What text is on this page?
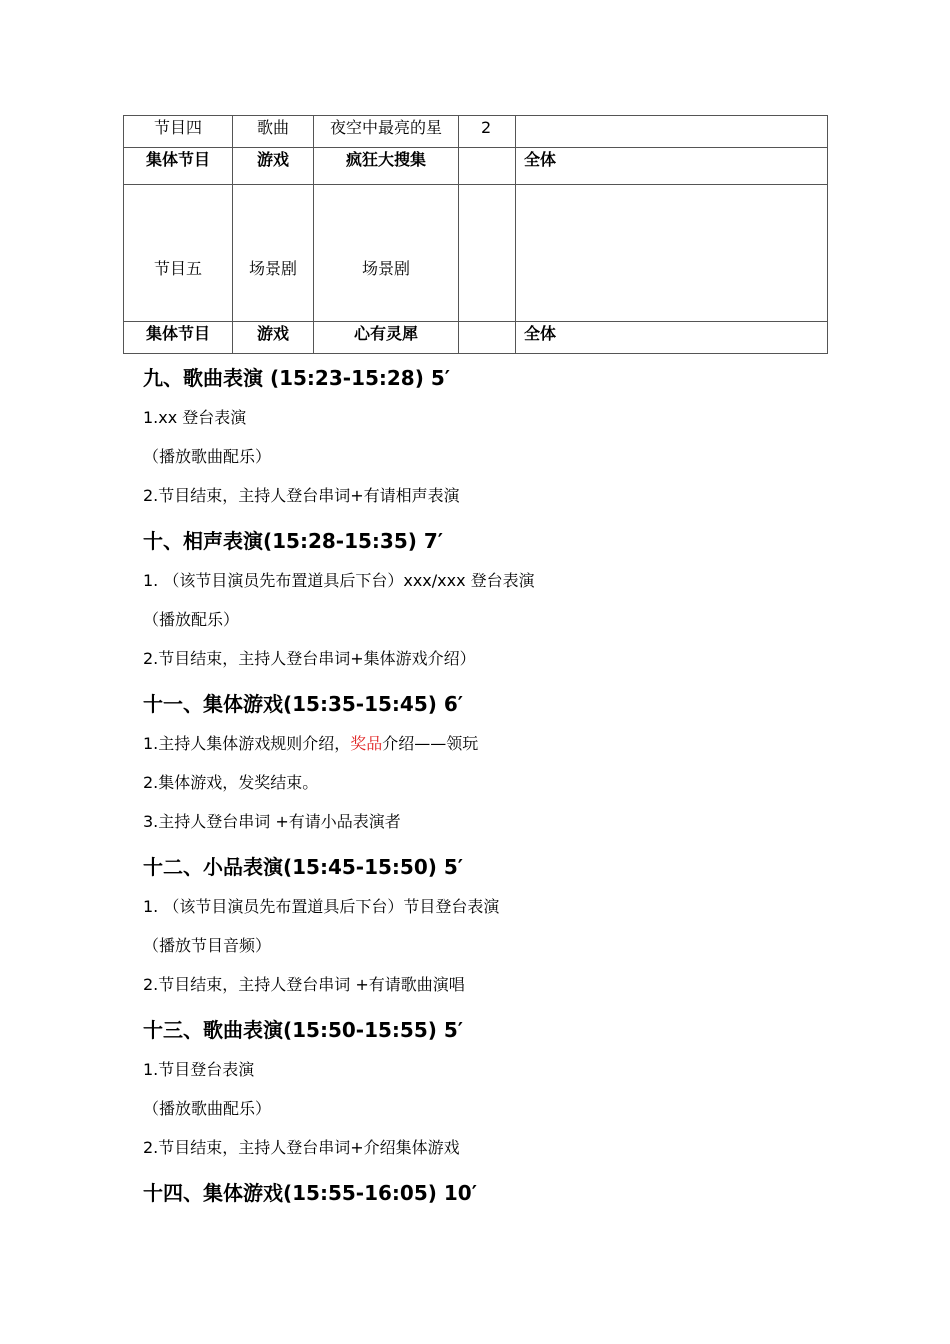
节目四	歌曲	夜空中最亮的星	2	
集体节目	游戏	疯狂大搜集		全体
节目五	场景剧	场景剧		
集体节目	游戏	心有灵犀		全体
九、歌曲表演 (15:23-15:28) 5′

1.xx 登台表演

（播放歌曲配乐）

2.节目结束，主持人登台串词+有请相声表演

十、相声表演(15:28-15:35) 7′

1. （该节目演员先布置道具后下台）xxx/xxx 登台表演

（播放配乐）

2.节目结束，主持人登台串词+集体游戏介绍）

十一、集体游戏(15:35-15:45) 6′

1.主持人集体游戏规则介绍，奖品介绍——领玩

2.集体游戏，发奖结束。

3.主持人登台串词 +有请小品表演者

十二、小品表演(15:45-15:50) 5′

1. （该节目演员先布置道具后下台）节目登台表演

（播放节目音频）

2.节目结束，主持人登台串词 +有请歌曲演唱

十三、歌曲表演(15:50-15:55) 5′

1.节目登台表演

（播放歌曲配乐）

2.节目结束，主持人登台串词+介绍集体游戏

十四、集体游戏(15:55-16:05) 10′
